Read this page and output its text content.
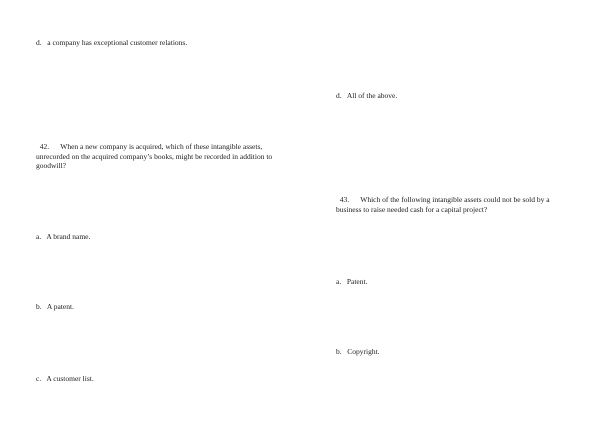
d.   a company has exceptional customer relations.

42.      When a new company is acquired, which of these intangible assets, unrecorded on the acquired company’s books, might be recorded in addition to goodwill?

a.   A brand name.

b.   A patent.

c.   A customer list.

d.   All of the above.

43.      Which of the following intangible assets could not be sold by a business to raise needed cash for a capital project?

a.   Patent.

b.   Copyright.
